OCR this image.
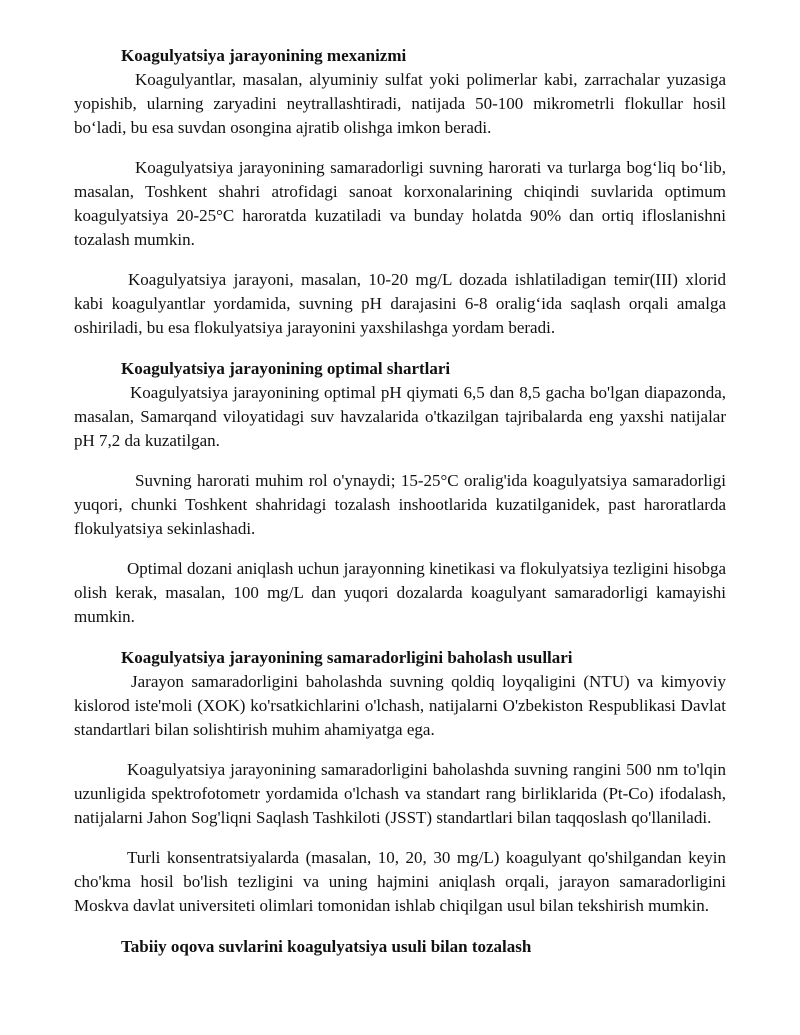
Koagulyatsiya jarayonining mexanizmi

Koagulyantlar, masalan, alyuminiy sulfat yoki polimerlar kabi, zarrachalar yuzasiga yopishib, ularning zaryadini neytrallashtiradi, natijada 50-100 mikrometrli flokullar hosil bo‘ladi, bu esa suvdan osongina ajratib olishga imkon beradi.

Koagulyatsiya jarayonining samaradorligi suvning harorati va turlarga bog‘liq bo‘lib, masalan, Toshkent shahri atrofidagi sanoat korxonalarining chiqindi suvlarida optimum koagulyatsiya 20-25°C haroratda kuzatiladi va bunday holatda 90% dan ortiq ifloslanishni tozalash mumkin.

Koagulyatsiya jarayoni, masalan, 10-20 mg/L dozada ishlatiladigan temir(III) xlorid kabi koagulyantlar yordamida, suvning pH darajasini 6-8 oralig‘ida saqlash orqali amalga oshiriladi, bu esa flokulyatsiya jarayonini yaxshilashga yordam beradi.

Koagulyatsiya jarayonining optimal shartlari

Koagulyatsiya jarayonining optimal pH qiymati 6,5 dan 8,5 gacha bo'lgan diapazonda, masalan, Samarqand viloyatidagi suv havzalarida o'tkazilgan tajribalarda eng yaxshi natijalar pH 7,2 da kuzatilgan.

Suvning harorati muhim rol o'ynaydi; 15-25°C oralig'ida koagulyatsiya samaradorligi yuqori, chunki Toshkent shahridagi tozalash inshootlarida kuzatilganidek, past haroratlarda flokulyatsiya sekinlashadi.

Optimal dozani aniqlash uchun jarayonning kinetikasi va flokulyatsiya tezligini hisobga olish kerak, masalan, 100 mg/L dan yuqori dozalarda koagulyant samaradorligi kamayishi mumkin.

Koagulyatsiya jarayonining samaradorligini baholash usullari

Jarayon samaradorligini baholashda suvning qoldiq loyqaligini (NTU) va kimyoviy kislorod iste'moli (XOK) ko'rsatkichlarini o'lchash, natijalarni O'zbekiston Respublikasi Davlat standartlari bilan solishtirish muhim ahamiyatga ega.

Koagulyatsiya jarayonining samaradorligini baholashda suvning rangini 500 nm to'lqin uzunligida spektrofotometr yordamida o'lchash va standart rang birliklarida (Pt-Co) ifodalash, natijalarni Jahon Sog'liqni Saqlash Tashkiloti (JSST) standartlari bilan taqqoslash qo'llaniladi.

Turli konsentratsiyalarda (masalan, 10, 20, 30 mg/L) koagulyant qo'shilgandan keyin cho'kma hosil bo'lish tezligini va uning hajmini aniqlash orqali, jarayon samaradorligini Moskva davlat universiteti olimlari tomonidan ishlab chiqilgan usul bilan tekshirish mumkin.

Tabiiy oqova suvlarini koagulyatsiya usuli bilan tozalash
